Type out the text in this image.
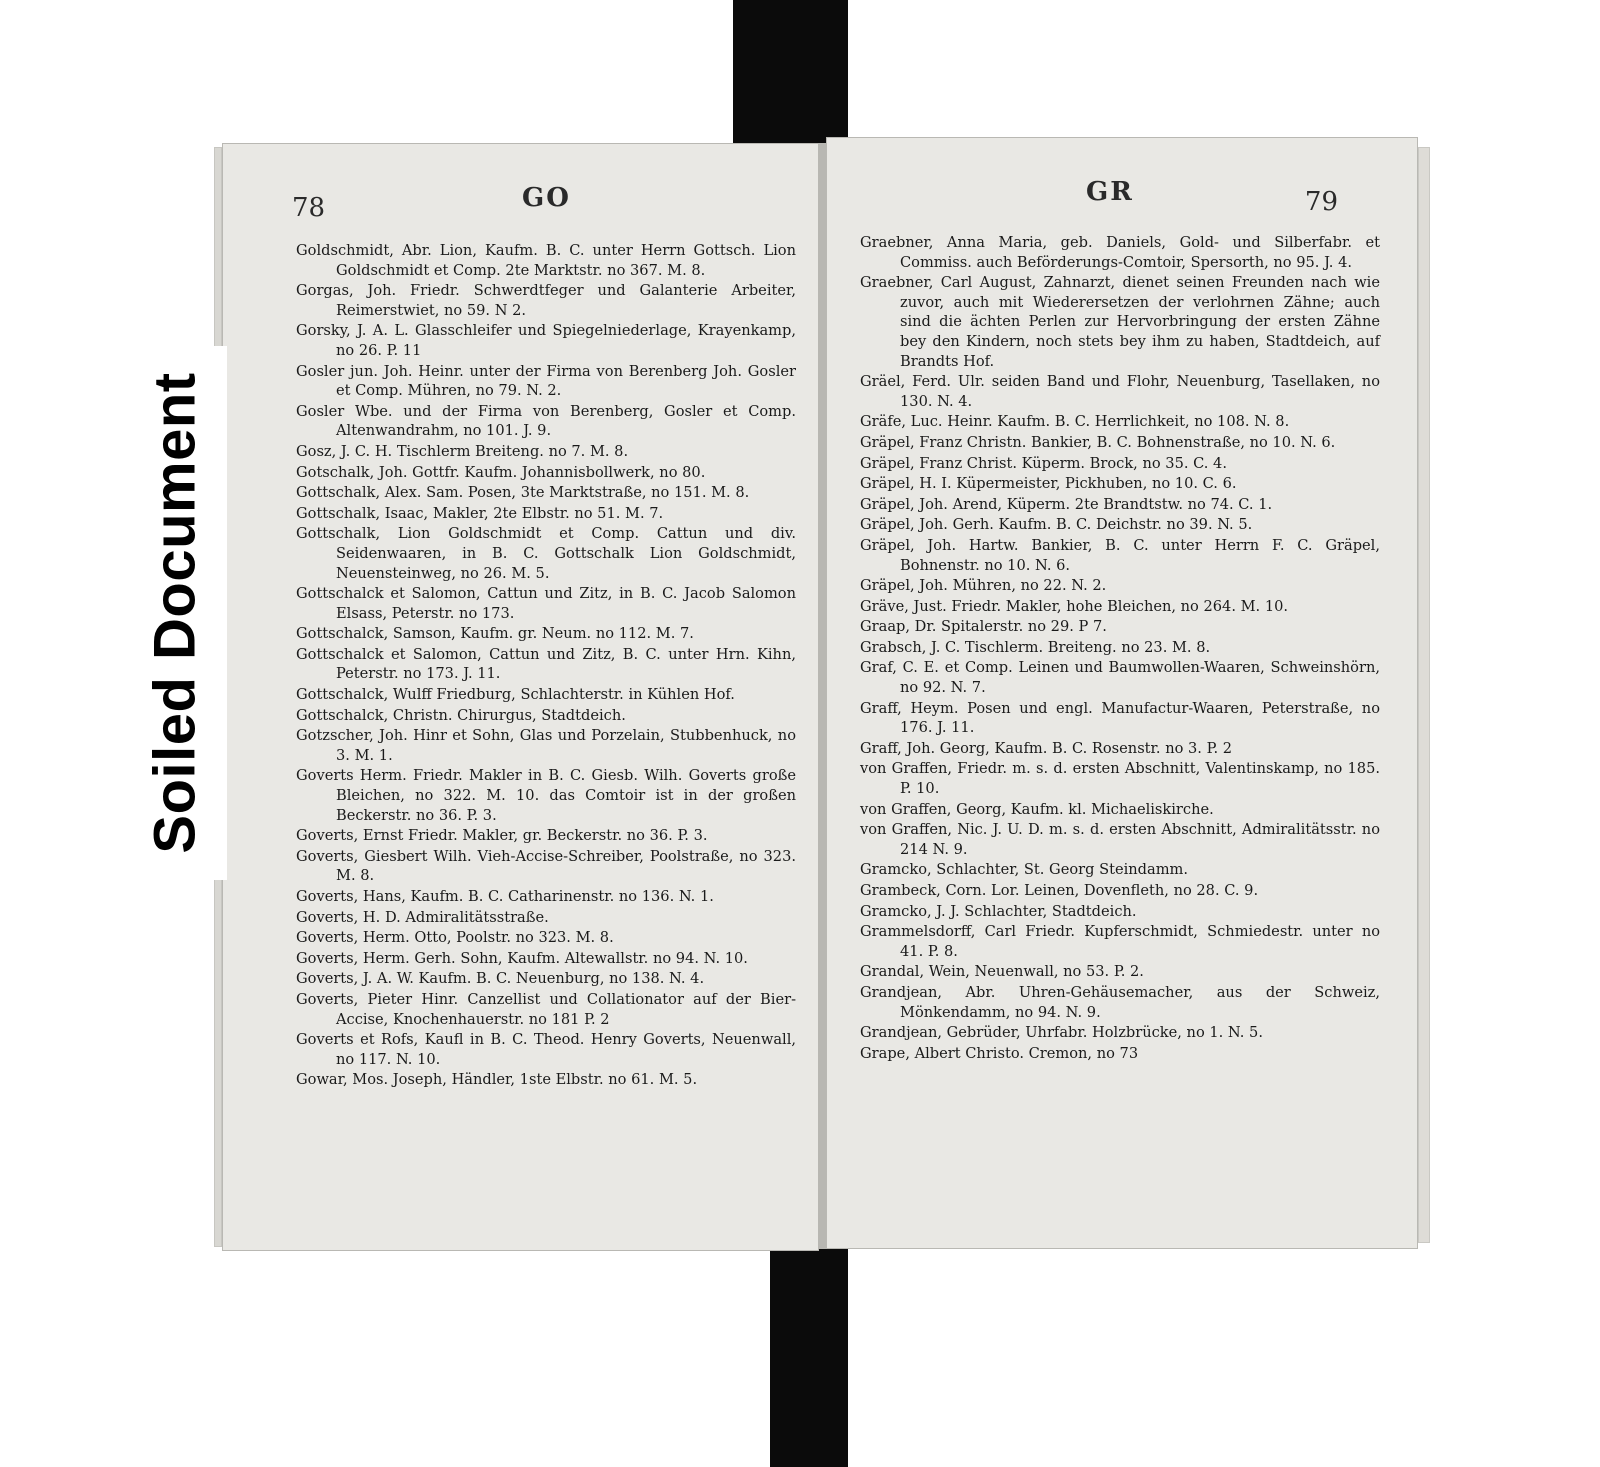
78	GO
Goldschmidt, Abr. Lion, Kaufm. B. C. unter Herrn Gottsch. Lion Goldschmidt et Comp. 2te Marktstr. no 367. M. 8.
Gorgas, Joh. Friedr. Schwerdtfeger und Galanterie Arbeiter, Reimerstwiet, no 59. N 2.
Gorsky, J. A. L. Glasschleifer und Spiegelniederlage, Krayenkamp, no 26. P. 11
Gosler jun. Joh. Heinr. unter der Firma von Berenberg Joh. Gosler et Comp. Mühren, no 79. N. 2.
Gosler Wbe. und der Firma von Berenberg, Gosler et Comp. Altenwandrahm, no 101. J. 9.
Gosz, J. C. H. Tischlerm Breiteng. no 7. M. 8.
Gotschalk, Joh. Gottfr. Kaufm. Johannisbollwerk, no 80.
Gottschalk, Alex. Sam. Posen, 3te Marktstraße, no 151. M. 8.
Gottschalk, Isaac, Makler, 2te Elbstr. no 51. M. 7.
Gottschalk, Lion Goldschmidt et Comp. Cattun und div. Seidenwaaren, in B. C. Gottschalk Lion Goldschmidt, Neuensteinweg, no 26. M. 5.
Gottschalck et Salomon, Cattun und Zitz, in B. C. Jacob Salomon Elsass, Peterstr. no 173.
Gottschalck, Samson, Kaufm. gr. Neum. no 112. M. 7.
Gottschalck et Salomon, Cattun und Zitz, B. C. unter Hrn. Kihn, Peterstr. no 173. J. 11.
Gottschalck, Wulff Friedburg, Schlachterstr. in Kühlen Hof.
Gottschalck, Christn. Chirurgus, Stadtdeich.
Gotzscher, Joh. Hinr et Sohn, Glas und Porzelain, Stubbenhuck, no 3. M. 1.
Goverts Herm. Friedr. Makler in B. C. Giesb. Wilh. Goverts große Bleichen, no 322. M. 10. das Comtoir ist in der großen Beckerstr. no 36. P. 3.
Goverts, Ernst Friedr. Makler, gr. Beckerstr. no 36. P. 3.
Goverts, Giesbert Wilh. Vieh-Accise-Schreiber, Poolstraße, no 323. M. 8.
Goverts, Hans, Kaufm. B. C. Catharinenstr. no 136. N. 1.
Goverts, H. D. Admiralitätsstraße.
Goverts, Herm. Otto, Poolstr. no 323. M. 8.
Goverts, Herm. Gerh. Sohn, Kaufm. Altewallstr. no 94. N. 10.
Goverts, J. A. W. Kaufm. B. C. Neuenburg, no 138. N. 4.
Goverts, Pieter Hinr. Canzellist und Collationator auf der Bier-Accise, Knochenhauerstr. no 181 P. 2
Goverts et Rofs, Kaufl in B. C. Theod. Henry Goverts, Neuenwall, no 117. N. 10.
Gowar, Mos. Joseph, Händler, 1ste Elbstr. no 61. M. 5.
79
GR
Graebner, Anna Maria, geb. Daniels, Gold- und Silberfabr. et Commiss. auch Beförderungs-Comtoir, Spersorth, no 95. J. 4.
Graebner, Carl August, Zahnarzt, dienet seinen Freunden nach wie zuvor, auch mit Wiederersetzen der verlohrnen Zähne; auch sind die ächten Perlen zur Hervorbringung der ersten Zähne bey den Kindern, noch stets bey ihm zu haben, Stadtdeich, auf Brandts Hof.
Gräel, Ferd. Ulr. seiden Band und Flohr, Neuenburg, Tasellaken, no 130. N. 4.
Gräfe, Luc. Heinr. Kaufm. B. C. Herrlichkeit, no 108. N. 8.
Gräpel, Franz Christn. Bankier, B. C. Bohnenstraße, no 10. N. 6.
Gräpel, Franz Christ. Küperm. Brock, no 35. C. 4.
Gräpel, H. I. Küpermeister, Pickhuben, no 10. C. 6.
Gräpel, Joh. Arend, Küperm. 2te Brandtstw. no 74. C. 1.
Gräpel, Joh. Gerh. Kaufm. B. C. Deichstr. no 39. N. 5.
Gräpel, Joh. Hartw. Bankier, B. C. unter Herrn F. C. Gräpel, Bohnenstr. no 10. N. 6.
Gräpel, Joh. Mühren, no 22. N. 2.
Gräve, Just. Friedr. Makler, hohe Bleichen, no 264. M. 10.
Graap, Dr. Spitalerstr. no 29. P 7.
Grabsch, J. C. Tischlerm. Breiteng. no 23. M. 8.
Graf, C. E. et Comp. Leinen und Baumwollen-Waaren, Schweinshörn, no 92. N. 7.
Graff, Heym. Posen und engl. Manufactur-Waaren, Peterstraße, no 176. J. 11.
Graff, Joh. Georg, Kaufm. B. C. Rosenstr. no 3. P. 2
von Graffen, Friedr. m. s. d. ersten Abschnitt, Valentinskamp, no 185. P. 10.
von Graffen, Georg, Kaufm. kl. Michaeliskirche.
von Graffen, Nic. J. U. D. m. s. d. ersten Abschnitt, Admiralitätsstr. no 214 N. 9.
Gramcko, Schlachter, St. Georg Steindamm.
Grambeck, Corn. Lor. Leinen, Dovenfleth, no 28. C. 9.
Gramcko, J. J. Schlachter, Stadtdeich.
Grammelsdorff, Carl Friedr. Kupferschmidt, Schmiedestr. unter no 41. P. 8.
Grandal, Wein, Neuenwall, no 53. P. 2.
Grandjean, Abr. Uhren-Gehäusemacher, aus der Schweiz, Mönkendamm, no 94. N. 9.
Grandjean, Gebrüder, Uhrfabr. Holzbrücke, no 1. N. 5.
Grape, Albert Christo. Cremon, no 73
Soiled Document
